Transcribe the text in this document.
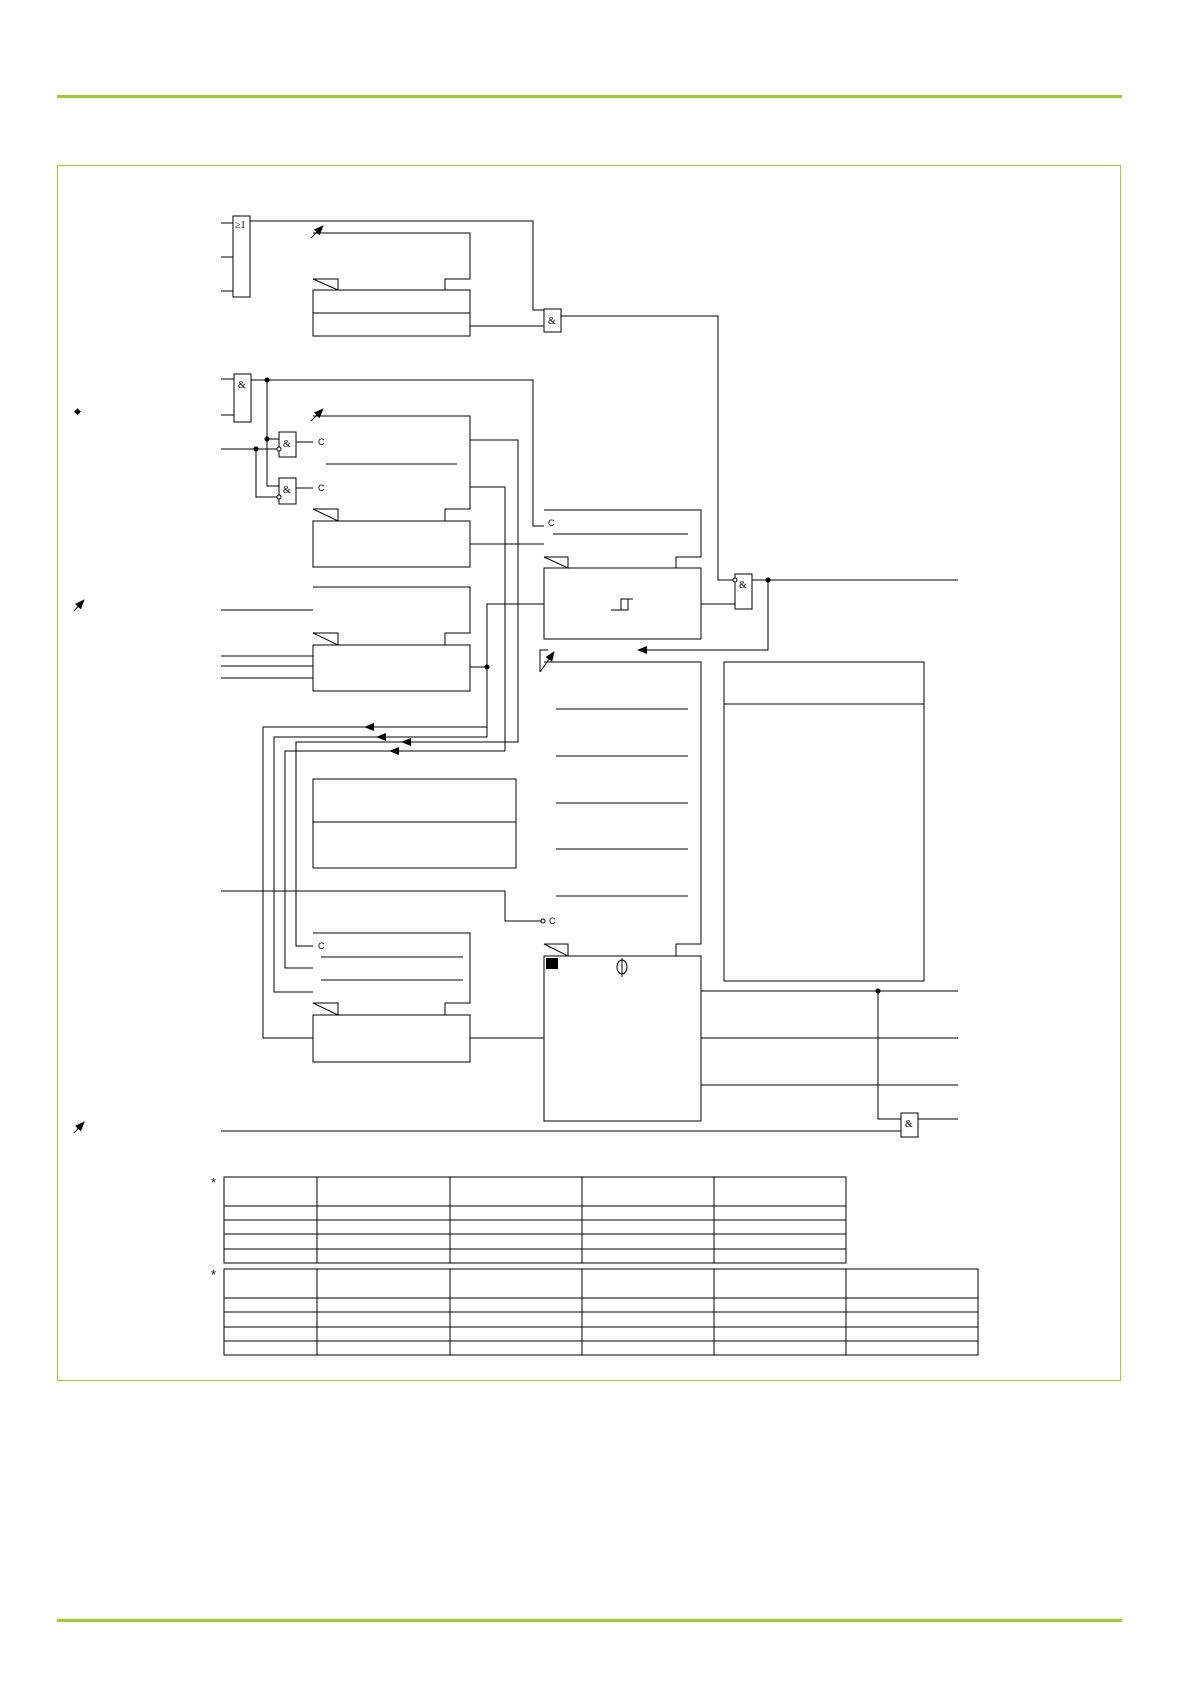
≥1
&
◆
&
&
&
C
C
C
&
C
C
&
*
*
